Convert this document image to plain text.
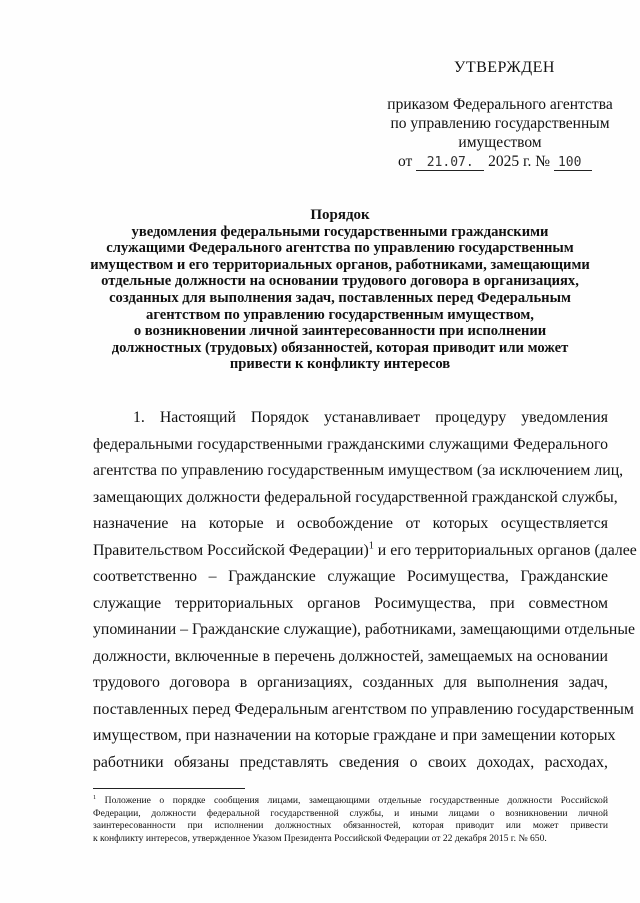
УТВЕРЖДЕН
приказом Федерального агентства
по управлению государственным
имуществом
от 21.07. 2025 г. № 100
Порядок
уведомления федеральными государственными гражданскими
служащими Федерального агентства по управлению государственным
имуществом и его территориальных органов, работниками, замещающими
отдельные должности на основании трудового договора в организациях,
созданных для выполнения задач, поставленных перед Федеральным
агентством по управлению государственным имуществом,
о возникновении личной заинтересованности при исполнении
должностных (трудовых) обязанностей, которая приводит или может
привести к конфликту интересов
1. Настоящий Порядок устанавливает процедуру уведомления
федеральными государственными гражданскими служащими Федерального
агентства по управлению государственным имуществом (за исключением лиц,
замещающих должности федеральной государственной гражданской службы,
назначение на которые и освобождение от которых осуществляется
Правительством Российской Федерации)$^1$ и его территориальных органов (далее
соответственно – Гражданские служащие Росимущества, Гражданские
служащие территориальных органов Росимущества, при совместном
упоминании – Гражданские служащие), работниками, замещающими отдельные
должности, включенные в перечень должностей, замещаемых на основании
трудового договора в организациях, созданных для выполнения задач,
поставленных перед Федеральным агентством по управлению государственным
имуществом, при назначении на которые граждане и при замещении которых
работники обязаны представлять сведения о своих доходах, расходах,
$^1$ Положение о порядке сообщения лицами, замещающими отдельные государственные должности Российской
Федерации, должности федеральной государственной службы, и иными лицами о возникновении личной
заинтересованности при исполнении должностных обязанностей, которая приводит или может привести
к конфликту интересов, утвержденное Указом Президента Российской Федерации от 22 декабря 2015 г. № 650.
